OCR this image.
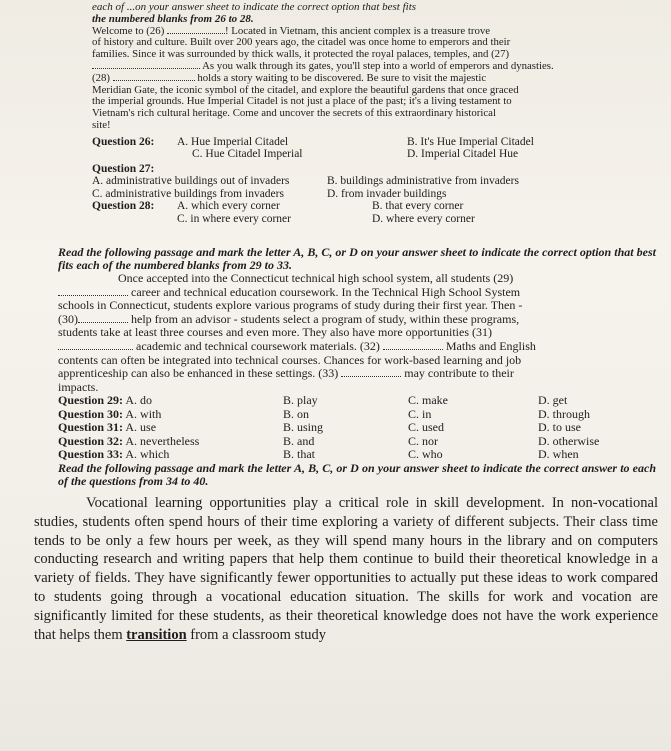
each of ...on your answer sheet to indicate the correct option that best fits

the numbered blanks from 26 to 28.

Welcome to (26)	! Located in Vietnam, this ancient complex is a treasure trove

of history and culture. Built over 200 years ago, the citadel was once home to emperors and their

families. Since it was surrounded by thick walls, it protected the royal palaces, temples, and (27)

As you walk through its gates, you'll step into a world of emperors and dynasties.

(28)	holds a story waiting to be discovered. Be sure to visit the majestic

Meridian Gate, the iconic symbol of the citadel, and explore the beautiful gardens that once graced

the imperial grounds. Hue Imperial Citadel is not just a place of the past; it's a living testament to

Vietnam's rich cultural heritage. Come and uncover the secrets of this extraordinary historical

site!

Question 26:	A. Hue Imperial Citadel	B. It's Hue Imperial Citadel
C. Hue Citadel Imperial	D. Imperial Citadel Hue
Question 27:
A. administrative buildings out of invaders	B. buildings administrative from invaders
C. administrative buildings from invaders	D. from invader buildings
Question 28:	A. which every corner	B. that every corner
C. in where every corner	D. where every corner

Read the following passage and mark the letter A, B, C, or D on your answer sheet to indicate the correct option that best fits each of the numbered blanks from 29 to 33.

Once accepted into the Connecticut technical high school system, all students (29)

career and technical education coursework. In the Technical High School System

schools in Connecticut, students explore various programs of study during their first year. Then -

(30)	help from an advisor - students select a program of study, within these programs,

students take at least three courses and even more. They also have more opportunities (31)

academic and technical coursework materials. (32)	Maths and English

contents can often be integrated into technical courses. Chances for work-based learning and job

apprenticeship can also be enhanced in these settings. (33)	may contribute to their

impacts.

Question 29: A. do	B. play	C. make	D. get
Question 30: A. with	B. on	C. in	D. through
Question 31: A. use	B. using	C. used	D. to use
Question 32: A. nevertheless	B. and	C. nor	D. otherwise
Question 33: A. which	B. that	C. who	D. when

Read the following passage and mark the letter A, B, C, or D on your answer sheet to indicate the correct answer to each of the questions from 34 to 40.

Vocational learning opportunities play a critical role in skill development. In non-vocational studies, students often spend hours of their time exploring a variety of different subjects. Their class time tends to be only a few hours per week, as they will spend many hours in the library and on computers conducting research and writing papers that help them continue to build their theoretical knowledge in a variety of fields. They have significantly fewer opportunities to actually put these ideas to work compared to students going through a vocational education situation. The skills for work and vocation are significantly limited for these students, as their theoretical knowledge does not have the work experience that helps them transition from a classroom study
